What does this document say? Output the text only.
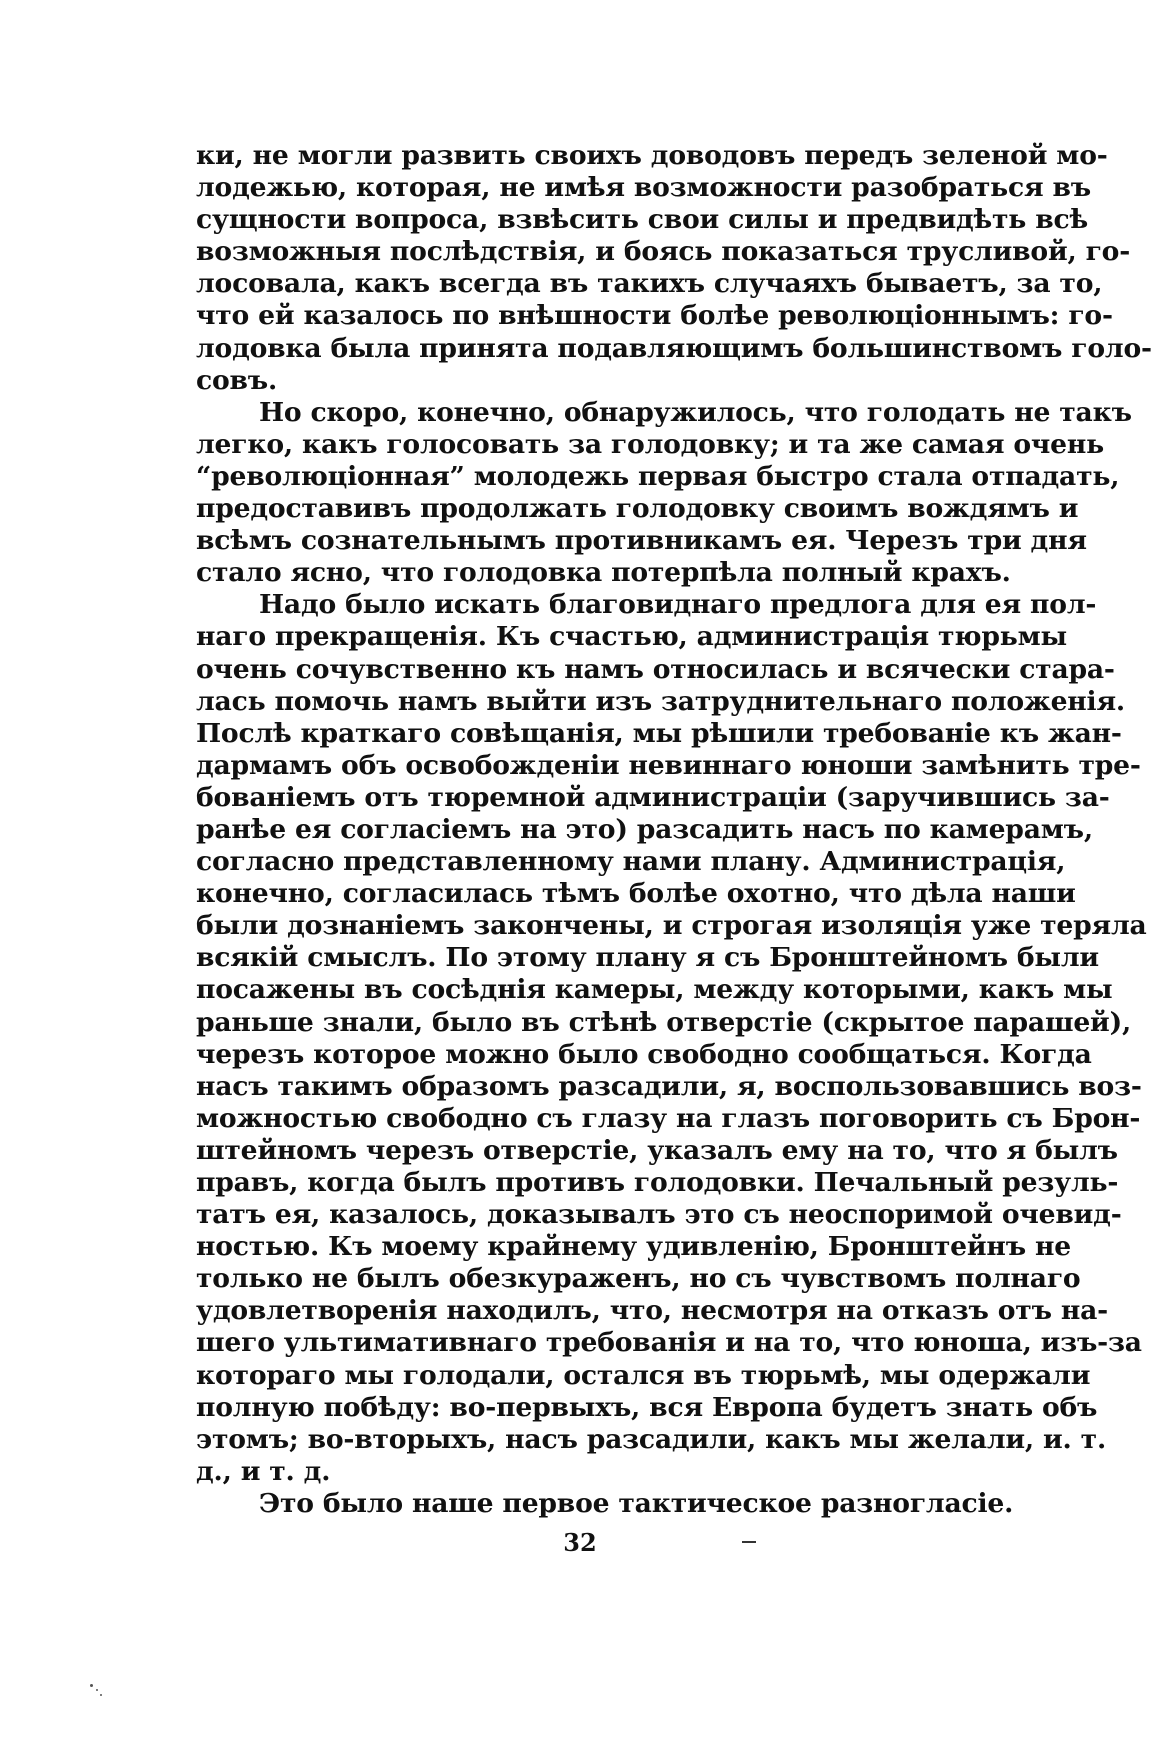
ки, не могли развить своихъ доводовъ передъ зеленой мо-
лодежью, которая, не имѣя возможности разобраться въ
сущности вопроса, взвѣсить свои силы и предвидѣть всѣ
возможныя послѣдствія, и боясь показаться трусливой, го-
лосовала, какъ всегда въ такихъ случаяхъ бываетъ, за то,
что ей казалось по внѣшности болѣе революціоннымъ: го-
лодовка была принята подавляющимъ большинствомъ голо-
совъ.
Но скоро, конечно, обнаружилось, что голодать не такъ
легко, какъ голосовать за голодовку; и та же самая очень
“революціонная” молодежь первая быстро стала отпадать,
предоставивъ продолжать голодовку своимъ вождямъ и
всѣмъ сознательнымъ противникамъ ея. Черезъ три дня
стало ясно, что голодовка потерпѣла полный крахъ.
Надо было искать благовиднаго предлога для ея пол-
наго прекращенія. Къ счастью, администрація тюрьмы
очень сочувственно къ намъ относилась и всячески стара-
лась помочь намъ выйти изъ затруднительнаго положенія.
Послѣ краткаго совѣщанія, мы рѣшили требованіе къ жан-
дармамъ объ освобожденіи невиннаго юноши замѣнить тре-
бованіемъ отъ тюремной администраціи (заручившись за-
ранѣе ея согласіемъ на это) разсадить насъ по камерамъ,
согласно представленному нами плану. Администрація,
конечно, согласилась тѣмъ болѣе охотно, что дѣла наши
были дознаніемъ закончены, и строгая изоляція уже теряла
всякій смыслъ. По этому плану я съ Бронштейномъ были
посажены въ сосѣднія камеры, между которыми, какъ мы
раньше знали, было въ стѣнѣ отверстіе (скрытое парашей),
черезъ которое можно было свободно сообщаться. Когда
насъ такимъ образомъ разсадили, я, воспользовавшись воз-
можностью свободно съ глазу на глазъ поговорить съ Брон-
штейномъ черезъ отверстіе, указалъ ему на то, что я былъ
правъ, когда былъ противъ голодовки. Печальный резуль-
татъ ея, казалось, доказывалъ это съ неоспоримой очевид-
ностью. Къ моему крайнему удивленію, Бронштейнъ не
только не былъ обезкураженъ, но съ чувствомъ полнаго
удовлетворенія находилъ, что, несмотря на отказъ отъ на-
шего ультимативнаго требованія и на то, что юноша, изъ-за
котораго мы голодали, остался въ тюрьмѣ, мы одержали
полную побѣду: во-первыхъ, вся Европа будетъ знать объ
этомъ; во-вторыхъ, насъ разсадили, какъ мы желали, и. т.
д., и т. д.
Это было наше первое тактическое разногласіе.
32
